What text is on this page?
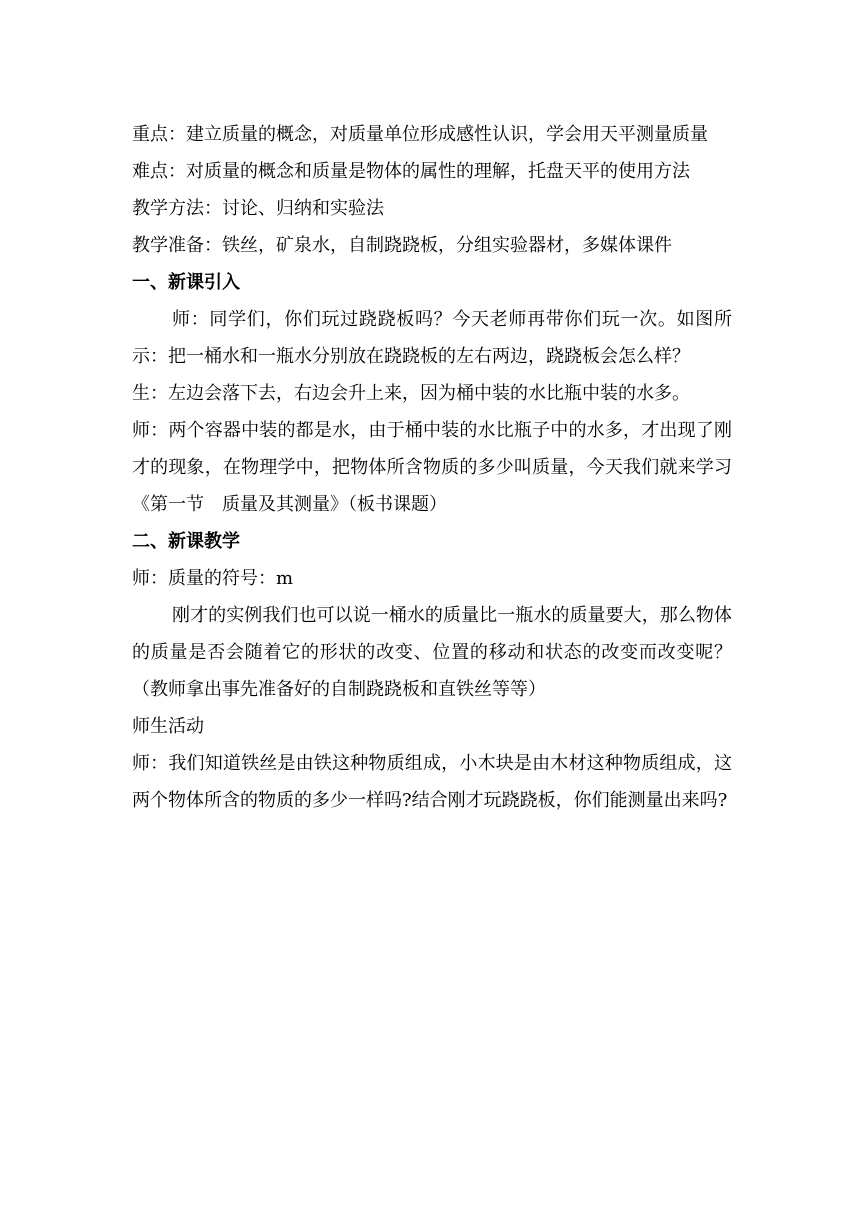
重点：建立质量的概念，对质量单位形成感性认识，学会用天平测量质量

难点：对质量的概念和质量是物体的属性的理解，托盘天平的使用方法

教学方法：讨论、归纳和实验法

教学准备：铁丝，矿泉水，自制跷跷板，分组实验器材，多媒体课件

一、新课引入

师：同学们，你们玩过跷跷板吗？今天老师再带你们玩一次。如图所示：把一桶水和一瓶水分别放在跷跷板的左右两边，跷跷板会怎么样？

生：左边会落下去，右边会升上来，因为桶中装的水比瓶中装的水多。

师：两个容器中装的都是水，由于桶中装的水比瓶子中的水多，才出现了刚才的现象，在物理学中，把物体所含物质的多少叫质量，今天我们就来学习《第一节　质量及其测量》（板书课题）

二、新课教学

师：质量的符号：m

刚才的实例我们也可以说一桶水的质量比一瓶水的质量要大，那么物体的质量是否会随着它的形状的改变、位置的移动和状态的改变而改变呢？（教师拿出事先准备好的自制跷跷板和直铁丝等等）

师生活动

师：我们知道铁丝是由铁这种物质组成，小木块是由木材这种物质组成，这两个物体所含的物质的多少一样吗?结合刚才玩跷跷板，你们能测量出来吗?
